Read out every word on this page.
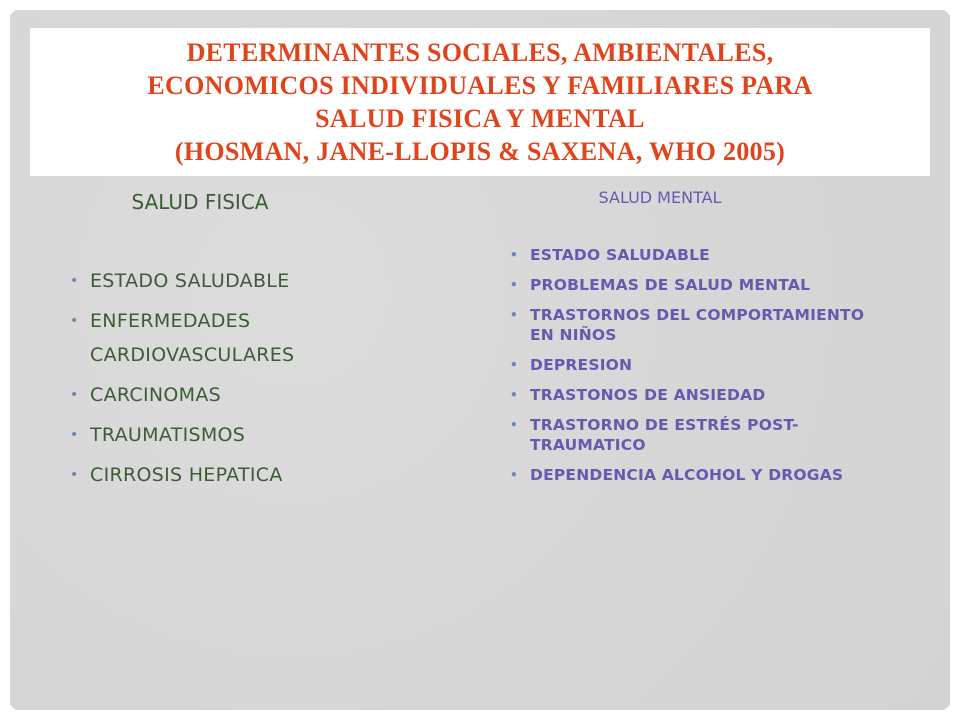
DETERMINANTES SOCIALES, AMBIENTALES,
ECONOMICOS INDIVIDUALES Y FAMILIARES PARA
SALUD FISICA Y MENTAL
(HOSMAN, JANE-LLOPIS & SAXENA, WHO 2005)
SALUD FISICA
• ESTADO SALUDABLE
• ENFERMEDADES CARDIOVASCULARES
• CARCINOMAS
• TRAUMATISMOS
• CIRROSIS HEPATICA
SALUD MENTAL
• ESTADO SALUDABLE
• PROBLEMAS DE SALUD MENTAL
• TRASTORNOS DEL COMPORTAMIENTO EN NIÑOS
• DEPRESION
• TRASTONOS DE ANSIEDAD
• TRASTORNO DE ESTRÉS POST-TRAUMATICO
• DEPENDENCIA ALCOHOL Y DROGAS
